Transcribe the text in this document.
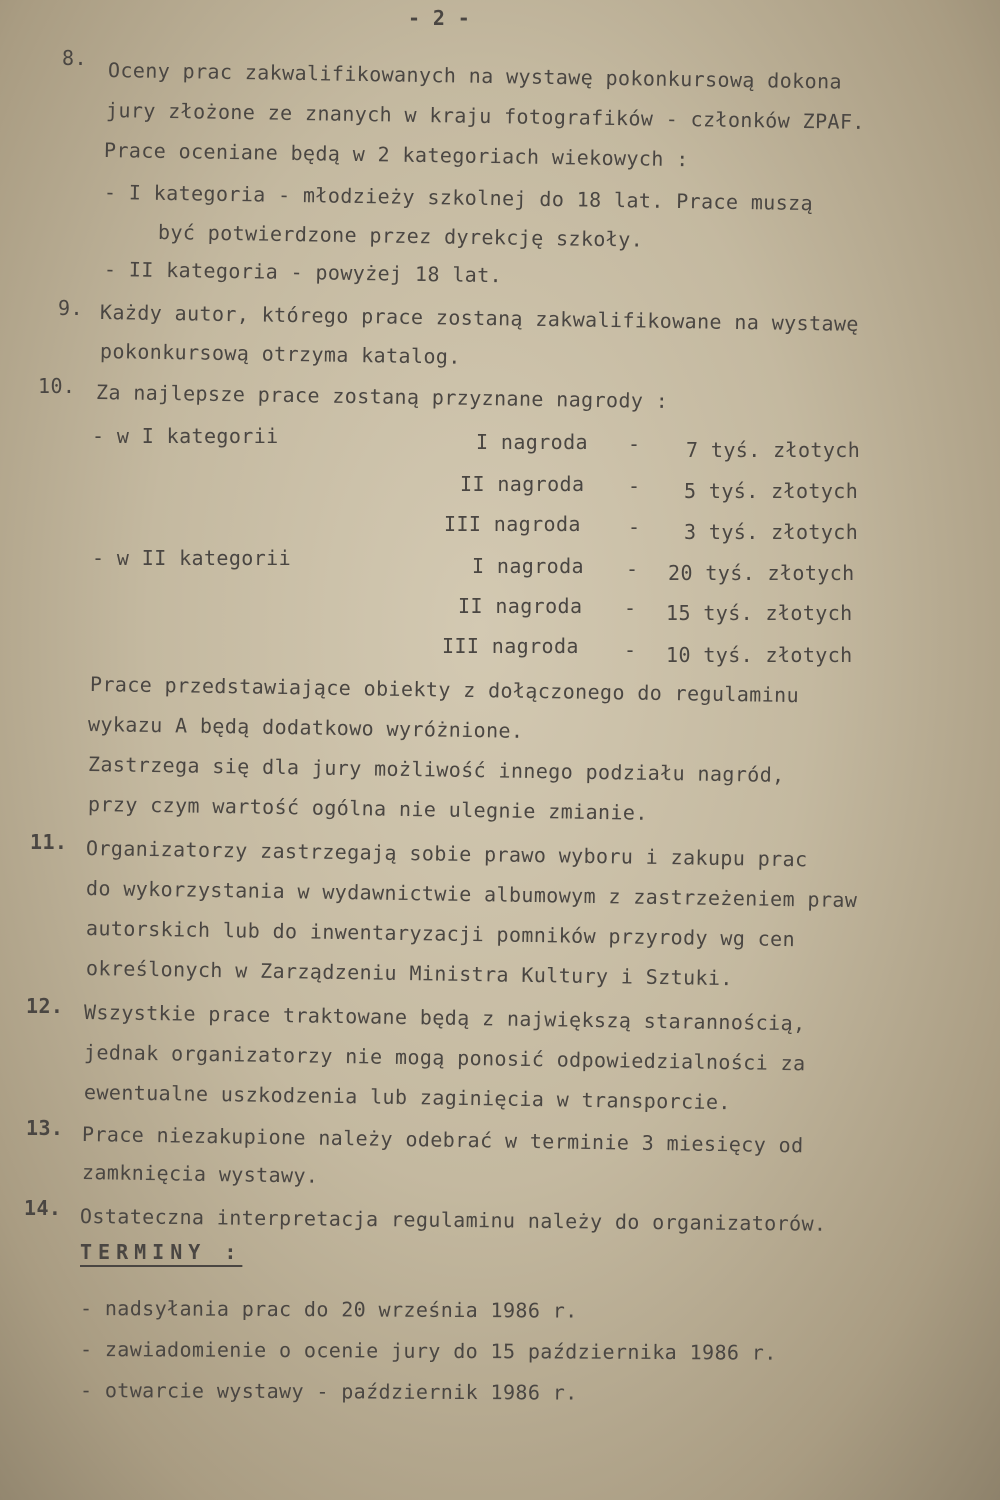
- 2 -
8.
Oceny prac zakwalifikowanych na wystawę pokonkursową dokona
jury złożone ze znanych w kraju fotografików - członków ZPAF.
Prace oceniane będą w 2 kategoriach wiekowych :
- I kategoria - młodzieży szkolnej do 18 lat. Prace muszą
być potwierdzone przez dyrekcję szkoły.
- II kategoria - powyżej 18 lat.
9. Każdy autor, którego prace zostaną zakwalifikowane na wystawę
pokonkursową otrzyma katalog.
10. Za najlepsze prace zostaną przyznane nagrody :
- w I kategorii	I nagroda - 7 tyś. złotych
II nagroda - 5 tyś. złotych
III nagroda - 3 tyś. złotych
- w II kategorii	I nagroda - 20 tyś. złotych
II nagroda - 15 tyś. złotych
III nagroda - 10 tyś. złotych
Prace przedstawiające obiekty z dołączonego do regulaminu
wykazu A będą dodatkowo wyróżnione.
Zastrzega się dla jury możliwość innego podziału nagród,
przy czym wartość ogólna nie ulegnie zmianie.
11. Organizatorzy zastrzegają sobie prawo wyboru i zakupu prac
do wykorzystania w wydawnictwie albumowym z zastrzeżeniem praw
autorskich lub do inwentaryzacji pomników przyrody wg cen
określonych w Zarządzeniu Ministra Kultury i Sztuki.
12. Wszystkie prace traktowane będą z największą starannością,
jednak organizatorzy nie mogą ponosić odpowiedzialności za
ewentualne uszkodzenia lub zaginięcia w transporcie.
13. Prace niezakupione należy odebrać w terminie 3 miesięcy od
zamknięcia wystawy.
14. Ostateczna interpretacja regulaminu należy do organizatorów.
TERMINY :
- nadsyłania prac do 20 września 1986 r.
- zawiadomienie o ocenie jury do 15 października 1986 r.
- otwarcie wystawy - październik 1986 r.
